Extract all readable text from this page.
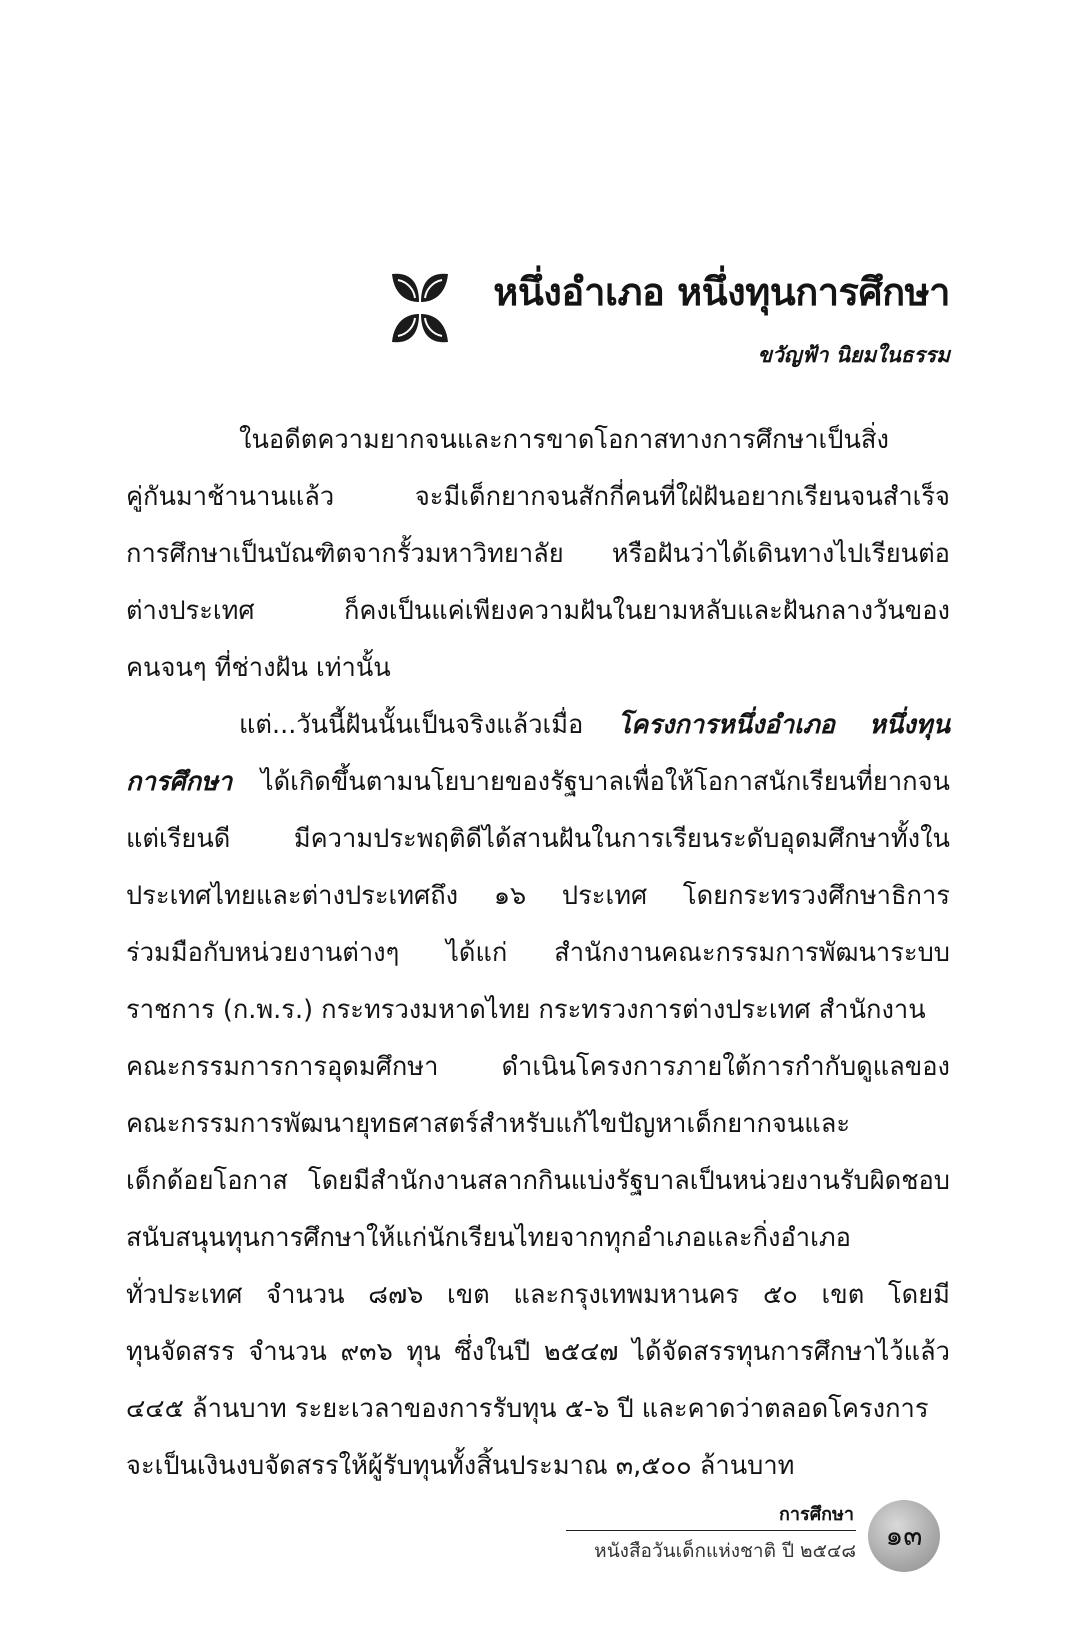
หนึ่งอำเภอ หนึ่งทุนการศึกษา
ขวัญฟ้า นิยมในธรรม
ในอดีตความยากจนและการขาดโอกาสทางการศึกษาเป็นสิ่ง
คู่กันมาช้านานแล้ว	จะมีเด็กยากจนสักกี่คนที่ใฝ่ฝันอยากเรียนจนสำเร็จ
การศึกษาเป็นบัณฑิตจากรั้วมหาวิทยาลัย หรือฝันว่าได้เดินทางไปเรียนต่อ
ต่างประเทศ	ก็คงเป็นแค่เพียงความฝันในยามหลับและฝันกลางวันของ
คนจนๆ ที่ช่างฝัน เท่านั้น
แต่...วันนี้ฝันนั้นเป็นจริงแล้วเมื่อ โครงการหนึ่งอำเภอ หนึ่งทุน
การศึกษา ได้เกิดขึ้นตามนโยบายของรัฐบาลเพื่อให้โอกาสนักเรียนที่ยากจน
แต่เรียนดี มีความประพฤติดีได้สานฝันในการเรียนระดับอุดมศึกษาทั้งใน
ประเทศไทยและต่างประเทศถึง ๑๖ ประเทศ โดยกระทรวงศึกษาธิการ
ร่วมมือกับหน่วยงานต่างๆ ได้แก่ สำนักงานคณะกรรมการพัฒนาระบบ
ราชการ (ก.พ.ร.) กระทรวงมหาดไทย กระทรวงการต่างประเทศ สำนักงาน
คณะกรรมการการอุดมศึกษา ดำเนินโครงการภายใต้การกำกับดูแลของ
คณะกรรมการพัฒนายุทธศาสตร์สำหรับแก้ไขปัญหาเด็กยากจนและ
เด็กด้อยโอกาส โดยมีสำนักงานสลากกินแบ่งรัฐบาลเป็นหน่วยงานรับผิดชอบ
สนับสนุนทุนการศึกษาให้แก่นักเรียนไทยจากทุกอำเภอและกิ่งอำเภอ
ทั่วประเทศ จำนวน ๘๗๖ เขต และกรุงเทพมหานคร ๕๐ เขต โดยมี
ทุนจัดสรร จำนวน ๙๓๖ ทุน ซึ่งในปี ๒๕๔๗ ได้จัดสรรทุนการศึกษาไว้แล้ว
๔๔๕ ล้านบาท ระยะเวลาของการรับทุน ๕-๖ ปี และคาดว่าตลอดโครงการ
จะเป็นเงินงบจัดสรรให้ผู้รับทุนทั้งสิ้นประมาณ ๓,๕๐๐ ล้านบาท
การศึกษา
หนังสือวันเด็กแห่งชาติ ปี ๒๕๔๘ ๑๓
